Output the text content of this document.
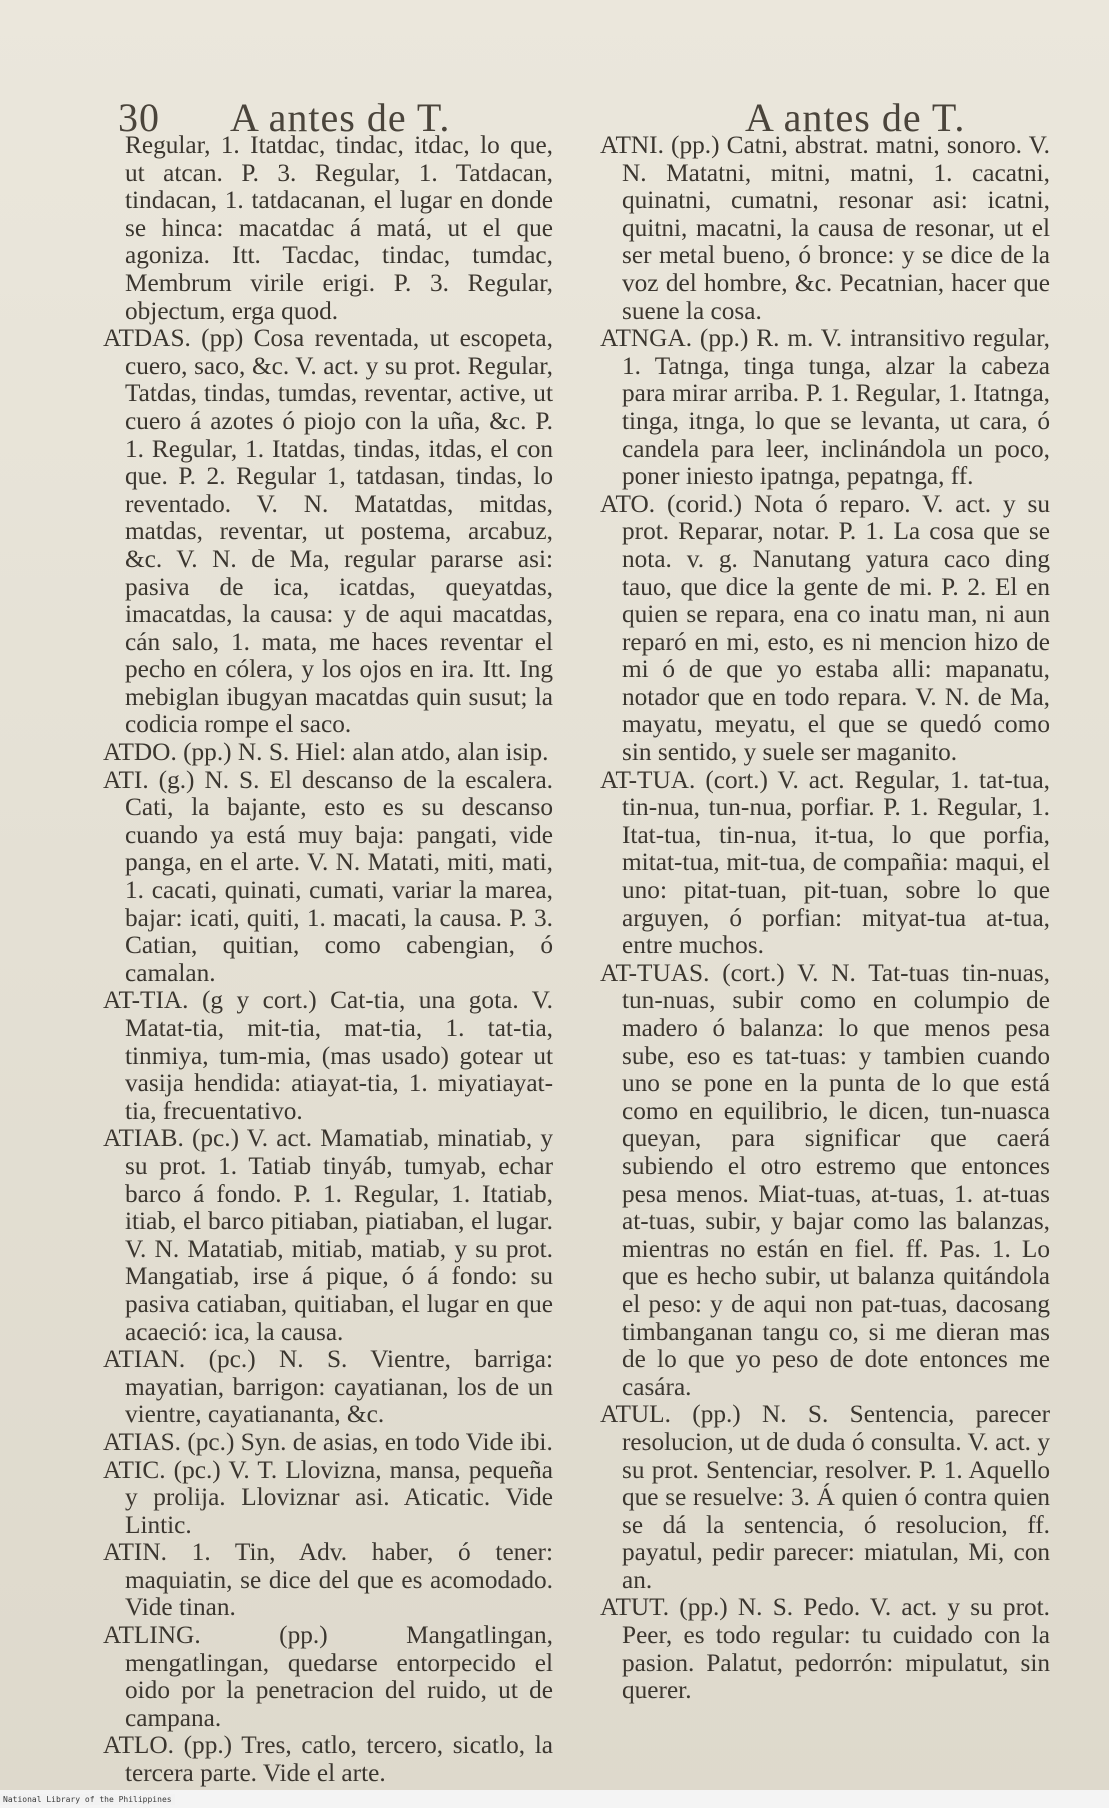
30 A antes de T.	A antes de T.

Regular, 1. Itatdac, tindac, itdac, lo que, ut atcan. P. 3. Regular, 1. Tatdacan, tindacan, 1. tatdacanan, el lugar en donde se hinca: macatdac á matá, ut el que agoniza. Itt. Tacdac, tindac, tumdac, Membrum virile erigi. P. 3. Regular, objectum, erga quod.

ATDAS. (pp) Cosa reventada, ut escopeta, cuero, saco, &c. V. act. y su prot. Regular, Tatdas, tindas, tumdas, reventar, active, ut cuero á azotes ó piojo con la uña, &c. P. 1. Regular, 1. Itatdas, tindas, itdas, el con que. P. 2. Regular 1, tatdasan, tindas, lo reventado. V. N. Matatdas, mitdas, matdas, reventar, ut postema, arcabuz, &c. V. N. de Ma, regular pararse asi: pasiva de ica, icatdas, queyatdas, imacatdas, la causa: y de aqui macatdas, cán salo, 1. mata, me haces reventar el pecho en cólera, y los ojos en ira. Itt. Ing mebiglan ibugyan macatdas quin susut; la codicia rompe el saco.

ATDO. (pp.) N. S. Hiel: alan atdo, alan isip.

ATI. (g.) N. S. El descanso de la escalera. Cati, la bajante, esto es su descanso cuando ya está muy baja: pangati, vide panga, en el arte. V. N. Matati, miti, mati, 1. cacati, quinati, cumati, variar la marea, bajar: icati, quiti, 1. macati, la causa. P. 3. Catian, quitian, como cabengian, ó camalan.

AT-TIA. (g y cort.) Cat-tia, una gota. V. Matat-tia, mit-tia, mat-tia, 1. tat-tia, tinmiya, tum-mia, (mas usado) gotear ut vasija hendida: atiayat-tia, 1. miyatiayat-tia, frecuentativo.

ATIAB. (pc.) V. act. Mamatiab, minatiab, y su prot. 1. Tatiab tinyáb, tumyab, echar barco á fondo. P. 1. Regular, 1. Itatiab, itiab, el barco pitiaban, piatiaban, el lugar. V. N. Matatiab, mitiab, matiab, y su prot. Mangatiab, irse á pique, ó á fondo: su pasiva catiaban, quitiaban, el lugar en que acaeció: ica, la causa.

ATIAN. (pc.) N. S. Vientre, barriga: mayatian, barrigon: cayatianan, los de un vientre, cayatiananta, &c.

ATIAS. (pc.) Syn. de asias, en todo Vide ibi.

ATIC. (pc.) V. T. Llovizna, mansa, pequeña y prolija. Lloviznar asi. Aticatic. Vide Lintic.

ATIN. 1. Tin, Adv. haber, ó tener: maquiatin, se dice del que es acomodado. Vide tinan.

ATLING. (pp.) Mangatlingan, mengatlingan, quedarse entorpecido el oido por la penetracion del ruido, ut de campana.

ATLO. (pp.) Tres, catlo, tercero, sicatlo, la tercera parte. Vide el arte.

ATNI. (pp.) Catni, abstrat. matni, sonoro. V. N. Matatni, mitni, matni, 1. cacatni, quinatni, cumatni, resonar asi: icatni, quitni, macatni, la causa de resonar, ut el ser metal bueno, ó bronce: y se dice de la voz del hombre, &c. Pecatnian, hacer que suene la cosa.

ATNGA. (pp.) R. m. V. intransitivo regular, 1. Tatnga, tinga tunga, alzar la cabeza para mirar arriba. P. 1. Regular, 1. Itatnga, tinga, itnga, lo que se levanta, ut cara, ó candela para leer, inclinándola un poco, poner iniesto ipatnga, pepatnga, ff.

ATO. (corid.) Nota ó reparo. V. act. y su prot. Reparar, notar. P. 1. La cosa que se nota. v. g. Nanutang yatura caco ding tauo, que dice la gente de mi. P. 2. El en quien se repara, ena co inatu man, ni aun reparó en mi, esto, es ni mencion hizo de mi ó de que yo estaba alli: mapanatu, notador que en todo repara. V. N. de Ma, mayatu, meyatu, el que se quedó como sin sentido, y suele ser maganito.

AT-TUA. (cort.) V. act. Regular, 1. tat-tua, tin-nua, tun-nua, porfiar. P. 1. Regular, 1. Itat-tua, tin-nua, it-tua, lo que porfia, mitat-tua, mit-tua, de compañia: maqui, el uno: pitat-tuan, pit-tuan, sobre lo que arguyen, ó porfian: mityat-tua at-tua, entre muchos.

AT-TUAS. (cort.) V. N. Tat-tuas tin-nuas, tun-nuas, subir como en columpio de madero ó balanza: lo que menos pesa sube, eso es tat-tuas: y tambien cuando uno se pone en la punta de lo que está como en equilibrio, le dicen, tun-nuasca queyan, para significar que caerá subiendo el otro estremo que entonces pesa menos. Miat-tuas, at-tuas, 1. at-tuas at-tuas, subir, y bajar como las balanzas, mientras no están en fiel. ff. Pas. 1. Lo que es hecho subir, ut balanza quitándola el peso: y de aqui non pat-tuas, dacosang timbanganan tangu co, si me dieran mas de lo que yo peso de dote entonces me casára.

ATUL. (pp.) N. S. Sentencia, parecer resolucion, ut de duda ó consulta. V. act. y su prot. Sentenciar, resolver. P. 1. Aquello que se resuelve: 3. Á quien ó contra quien se dá la sentencia, ó resolucion, ff. payatul, pedir parecer: miatulan, Mi, con an.

ATUT. (pp.) N. S. Pedo. V. act. y su prot. Peer, es todo regular: tu cuidado con la pasion. Palatut, pedorrón: mipulatut, sin querer.

National Library of the Philippines
